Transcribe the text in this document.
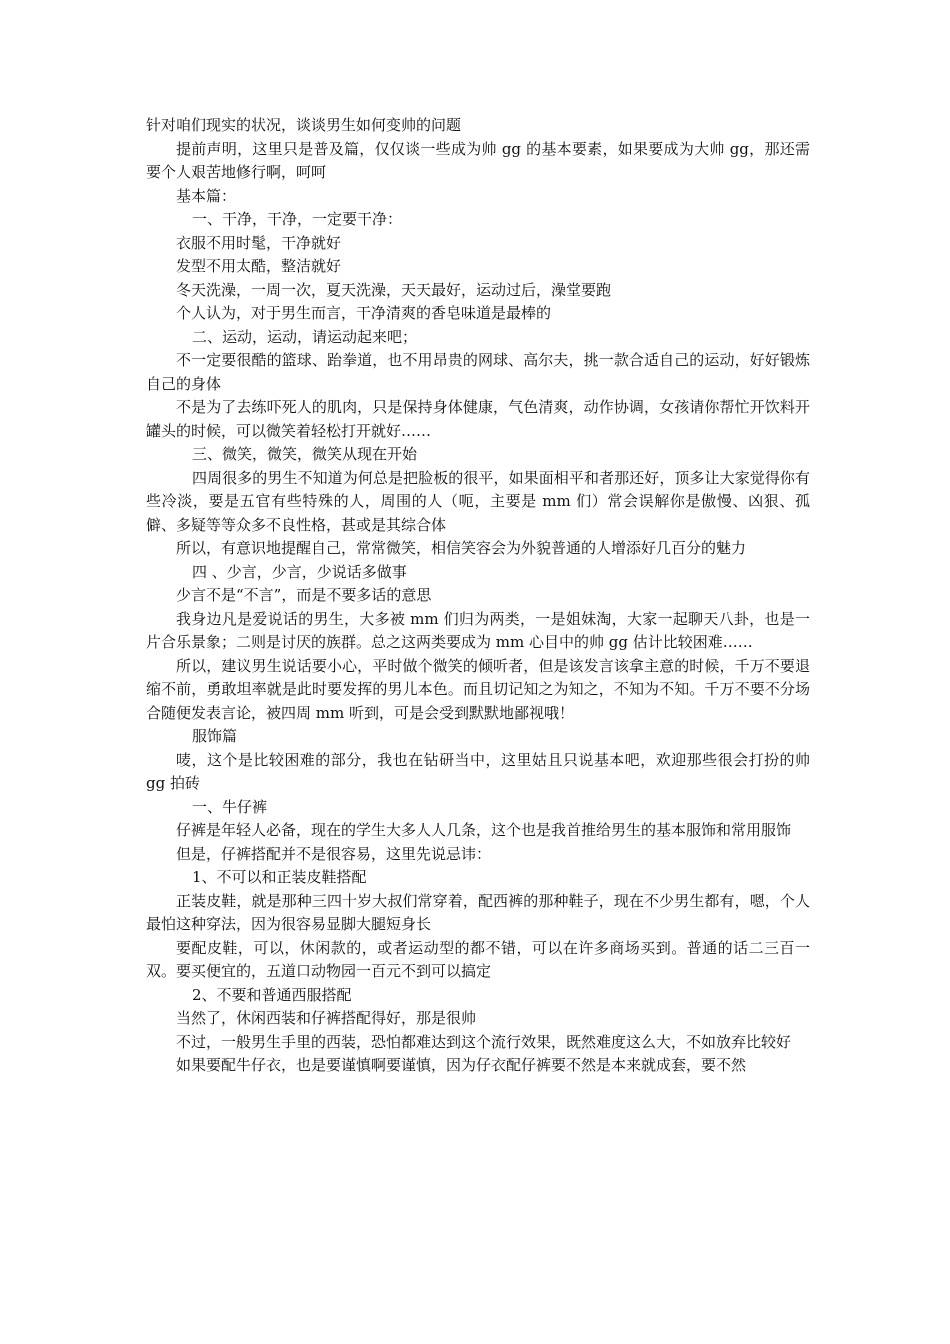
针对咱们现实的状况，谈谈男生如何变帅的问题

提前声明，这里只是普及篇，仅仅谈一些成为帅 gg 的基本要素，如果要成为大帅 gg，那还需要个人艰苦地修行啊，呵呵

基本篇：

一、干净，干净，一定要干净：

衣服不用时髦，干净就好

发型不用太酷，整洁就好

冬天洗澡，一周一次，夏天洗澡，天天最好，运动过后，澡堂要跑

个人认为，对于男生而言，干净清爽的香皂味道是最棒的

二、运动，运动，请运动起来吧；

不一定要很酷的篮球、跆拳道，也不用昂贵的网球、高尔夫，挑一款合适自己的运动，好好锻炼自己的身体

不是为了去练吓死人的肌肉，只是保持身体健康，气色清爽，动作协调，女孩请你帮忙开饮料开罐头的时候，可以微笑着轻松打开就好……

三、微笑，微笑，微笑从现在开始

四周很多的男生不知道为何总是把脸板的很平，如果面相平和者那还好，顶多让大家觉得你有些冷淡，要是五官有些特殊的人，周围的人（呃，主要是 mm 们）常会误解你是傲慢、凶狠、孤僻、多疑等等众多不良性格，甚或是其综合体

所以，有意识地提醒自己，常常微笑，相信笑容会为外貌普通的人增添好几百分的魅力

四 、少言，少言，少说话多做事

少言不是“不言”，而是不要多话的意思

我身边凡是爱说话的男生，大多被 mm 们归为两类，一是姐妹淘，大家一起聊天八卦，也是一片合乐景象；二则是讨厌的族群。总之这两类要成为 mm 心目中的帅 gg 估计比较困难……

所以，建议男生说话要小心，平时做个微笑的倾听者，但是该发言该拿主意的时候，千万不要退缩不前，勇敢坦率就是此时要发挥的男儿本色。而且切记知之为知之，不知为不知。千万不要不分场合随便发表言论，被四周 mm 听到，可是会受到默默地鄙视哦！

服饰篇

唛，这个是比较困难的部分，我也在钻研当中，这里姑且只说基本吧，欢迎那些很会打扮的帅 gg 拍砖

一、牛仔裤

仔裤是年轻人必备，现在的学生大多人人几条，这个也是我首推给男生的基本服饰和常用服饰

但是，仔裤搭配并不是很容易，这里先说忌讳：

1、不可以和正装皮鞋搭配

正装皮鞋，就是那种三四十岁大叔们常穿着，配西裤的那种鞋子，现在不少男生都有，嗯，个人最怕这种穿法，因为很容易显脚大腿短身长

要配皮鞋，可以，休闲款的，或者运动型的都不错，可以在许多商场买到。普通的话二三百一双。要买便宜的，五道口动物园一百元不到可以搞定

2、不要和普通西服搭配

当然了，休闲西装和仔裤搭配得好，那是很帅

不过，一般男生手里的西装，恐怕都难达到这个流行效果，既然难度这么大，不如放弃比较好

如果要配牛仔衣，也是要谨慎啊要谨慎，因为仔衣配仔裤要不然是本来就成套，要不然
